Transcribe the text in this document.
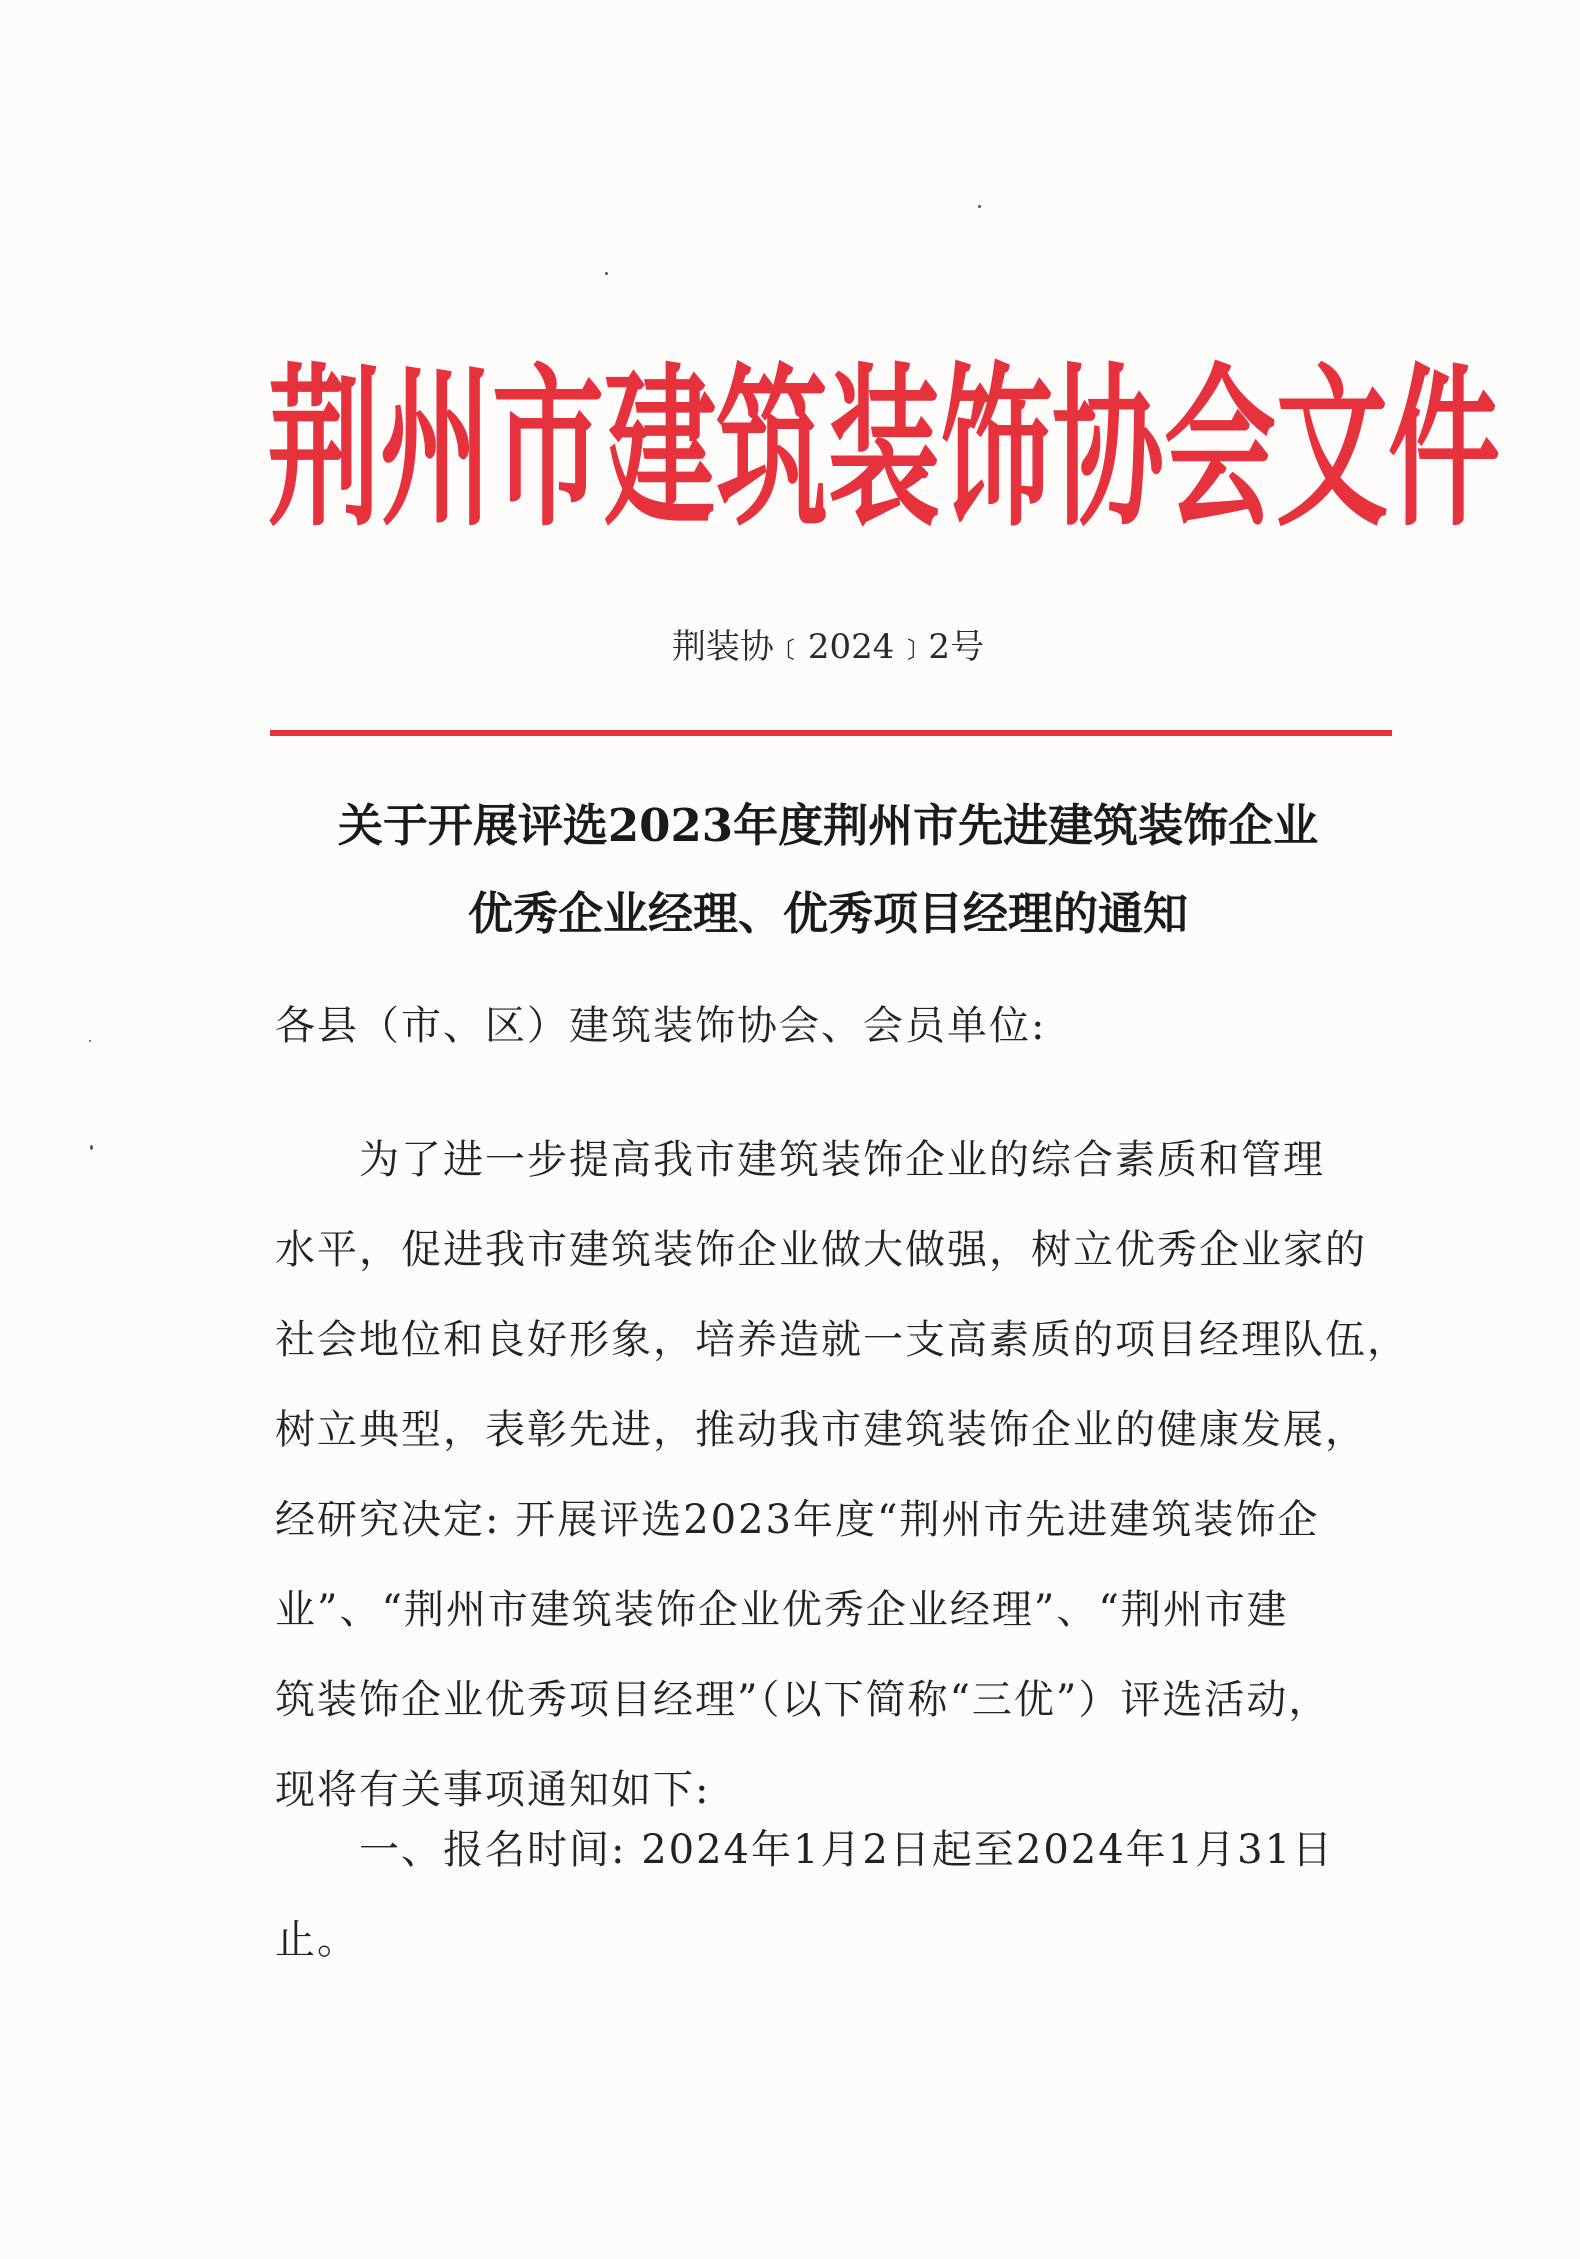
荆州市建筑装饰协会文件
荆装协﹝2024﹞2号
关于开展评选2023年度荆州市先进建筑装饰企业
优秀企业经理、优秀项目经理的通知
各县（市、区）建筑装饰协会、会员单位:
为了进一步提高我市建筑装饰企业的综合素质和管理
水平，促进我市建筑装饰企业做大做强，树立优秀企业家的
社会地位和良好形象，培养造就一支高素质的项目经理队伍，
树立典型，表彰先进，推动我市建筑装饰企业的健康发展，
经研究决定: 开展评选2023年度“荆州市先进建筑装饰企
业”、“荆州市建筑装饰企业优秀企业经理”、“荆州市建
筑装饰企业优秀项目经理”（以下简称“三优”）评选活动，
现将有关事项通知如下:
一、报名时间: 2024年1月2日起至2024年1月31日
止。
